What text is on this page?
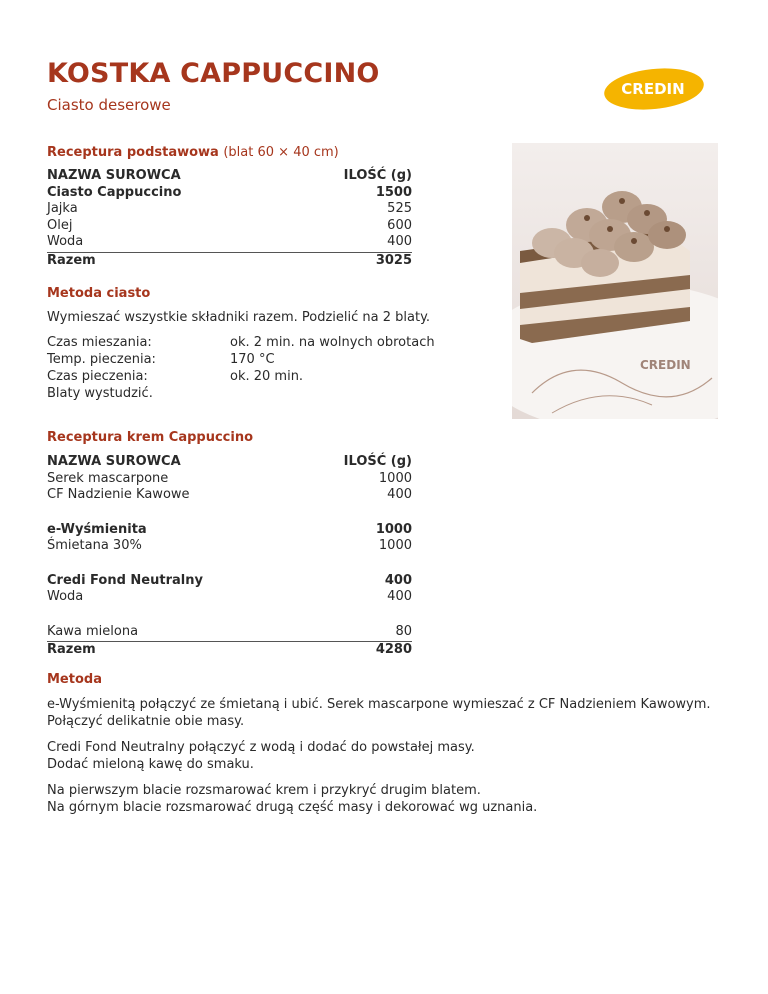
KOSTKA CAPPUCCINO
Ciasto deserowe
CREDIN
Receptura podstawowa (blat 60 × 40 cm)
NAZWA SUROWCA	ILOŚĆ (g)
Ciasto Cappuccino	1500
Jajka	525
Olej	600
Woda	400
Razem	3025
Metoda ciasto
Wymieszać wszystkie składniki razem. Podzielić na 2 blaty.
Czas mieszania:	ok. 2 min. na wolnych obrotach
Temp. pieczenia:	170 °C
Czas pieczenia:	ok. 20 min.
Blaty wystudzić.
Receptura krem Cappuccino
NAZWA SUROWCA	ILOŚĆ (g)
Serek mascarpone	1000
CF Nadzienie Kawowe	400
e-Wyśmienita	1000
Śmietana 30%	1000
Credi Fond Neutralny	400
Woda	400
Kawa mielona	80
Razem	4280
Metoda

e-Wyśmienitą połączyć ze śmietaną i ubić. Serek mascarpone wymieszać z CF Nadzieniem Kawowym.
Połączyć delikatnie obie masy.

Credi Fond Neutralny połączyć z wodą i dodać do powstałej masy.
Dodać mieloną kawę do smaku.

Na pierwszym blacie rozsmarować krem i przykryć drugim blatem.
Na górnym blacie rozsmarować drugą część masy i dekorować wg uznania.

CREDIN
